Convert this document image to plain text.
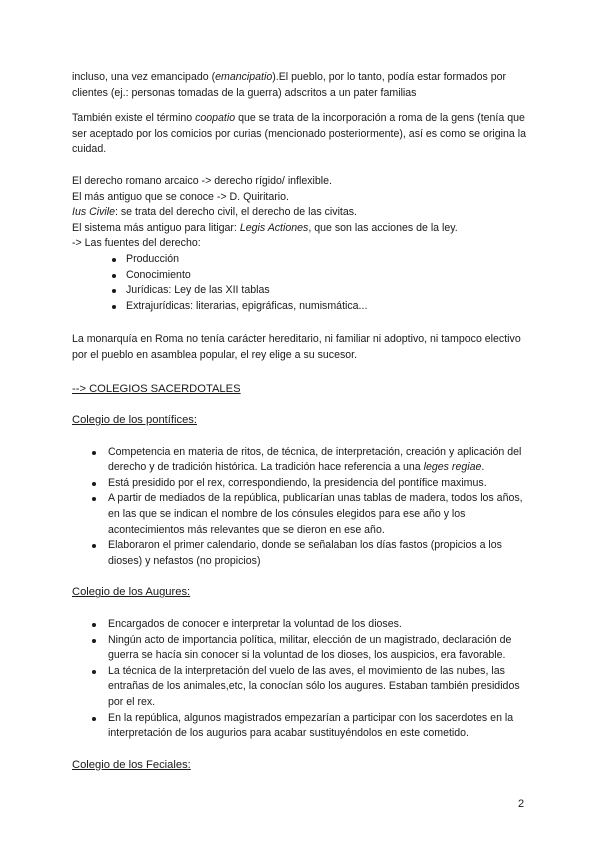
incluso, una vez emancipado (emancipatio).El pueblo, por lo tanto, podía estar formados por
clientes (ej.: personas tomadas de la guerra) adscritos a un pater familias

También existe el término coopatio que se trata de la incorporación a roma de la gens (tenía que ser aceptado por los comicios por curias (mencionado posteriormente), así es como se origina la cuidad.

El derecho romano arcaico -> derecho rígido/ inflexible.

El más antiguo que se conoce -> D. Quiritario.

Ius Civile: se trata del derecho civil, el derecho de las civitas.

El sistema más antiguo para litigar: Legis Actiones, que son las acciones de la ley.

-> Las fuentes del derecho:

Producción
Conocimiento
Jurídicas: Ley de las XII tablas
Extrajurídicas: literarias, epigráficas, numismática...

La monarquía en Roma no tenía carácter hereditario, ni familiar ni adoptivo, ni tampoco electivo por el pueblo en asamblea popular, el rey elige a su sucesor.

--> COLEGIOS SACERDOTALES

Colegio de los pontífices:

Competencia en materia de ritos, de técnica, de interpretación, creación y aplicación del derecho y de tradición histórica. La tradición hace referencia a una leges regiae.
Está presidido por el rex, correspondiendo, la presidencia del pontífice maximus.
A partir de mediados de la república, publicarían unas tablas de madera, todos los años, en las que se indican el nombre de los cónsules elegidos para ese año y los acontecimientos más relevantes que se dieron en ese año.
Elaboraron el primer calendario, donde se señalaban los días fastos (propicios a los dioses) y nefastos (no propicios)

Colegio de los Augures:

Encargados de conocer e interpretar la voluntad de los dioses.
Ningún acto de importancia política, militar, elección de un magistrado, declaración de guerra se hacía sin conocer si la voluntad de los dioses, los auspicios, era favorable.
La técnica de la interpretación del vuelo de las aves, el movimiento de las nubes, las entrañas de los animales,etc, la conocían sólo los augures. Estaban también presididos por el rex.
En la república, algunos magistrados empezarían a participar con los sacerdotes en la interpretación de los augurios para acabar sustituyéndolos en este cometido.

Colegio de los Feciales:

2
